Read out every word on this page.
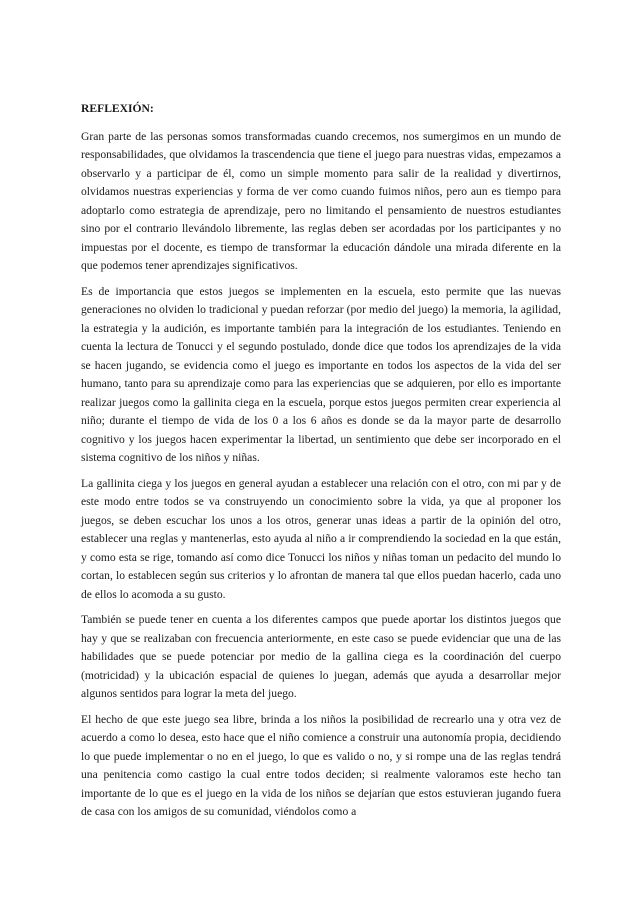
REFLEXIÓN:

Gran parte de las personas somos transformadas cuando crecemos, nos sumergimos en un mundo de responsabilidades, que olvidamos la trascendencia que tiene el juego para nuestras vidas, empezamos a observarlo y a participar de él, como un simple momento para salir de la realidad y divertirnos, olvidamos nuestras experiencias y forma de ver como cuando fuimos niños, pero aun es tiempo para adoptarlo como estrategia de aprendizaje, pero no limitando el pensamiento de nuestros estudiantes sino por el contrario llevándolo libremente, las reglas deben ser acordadas por los participantes y no impuestas por el docente, es tiempo de transformar la educación dándole una mirada diferente en la que podemos tener aprendizajes significativos.

Es de importancia que estos juegos se implementen en la escuela, esto permite que las nuevas generaciones no olviden lo tradicional y puedan reforzar (por medio del juego) la memoria, la agilidad, la estrategia y la audición, es importante también para la integración de los estudiantes. Teniendo en cuenta la lectura de Tonucci y el segundo postulado, donde dice que todos los aprendizajes de la vida se hacen jugando, se evidencia como el juego es importante en todos los aspectos de la vida del ser humano, tanto para su aprendizaje como para las experiencias que se adquieren, por ello es importante realizar juegos como la gallinita ciega en la escuela, porque estos juegos permiten crear experiencia al niño; durante el tiempo de vida de los 0 a los 6 años es donde se da la mayor parte de desarrollo cognitivo y los juegos hacen experimentar la libertad, un sentimiento que debe ser incorporado en el sistema cognitivo de los niños y niñas.

La gallinita ciega y los juegos en general ayudan a establecer una relación con el otro, con mi par y de este modo entre todos se va construyendo un conocimiento sobre la vida, ya que al proponer los juegos, se deben escuchar los unos a los otros, generar unas ideas a partir de la opinión del otro, establecer una reglas y mantenerlas, esto ayuda al niño a ir comprendiendo la sociedad en la que están, y como esta se rige, tomando así como dice Tonucci los niños y niñas toman un pedacito del mundo lo cortan, lo establecen según sus criterios y lo afrontan de manera tal que ellos puedan hacerlo, cada uno de ellos lo acomoda a su gusto.

También se puede tener en cuenta a los diferentes campos que puede aportar los distintos juegos que hay y que se realizaban con frecuencia anteriormente, en este caso se puede evidenciar que una de las habilidades que se puede potenciar por medio de la gallina ciega es la coordinación del cuerpo (motricidad) y la ubicación espacial de quienes lo juegan, además que ayuda a desarrollar mejor algunos sentidos para lograr la meta del juego.

El hecho de que este juego sea libre, brinda a los niños la posibilidad de recrearlo una y otra vez de acuerdo a como lo desea, esto hace que el niño comience a construir una autonomía propia, decidiendo lo que puede implementar o no en el juego, lo que es valido o no, y si rompe una de las reglas tendrá una penitencia como castigo la cual entre todos deciden; si realmente valoramos este hecho tan importante de lo que es el juego en la vida de los niños se dejarían que estos estuvieran jugando fuera de casa con los amigos de su comunidad, viéndolos como a
